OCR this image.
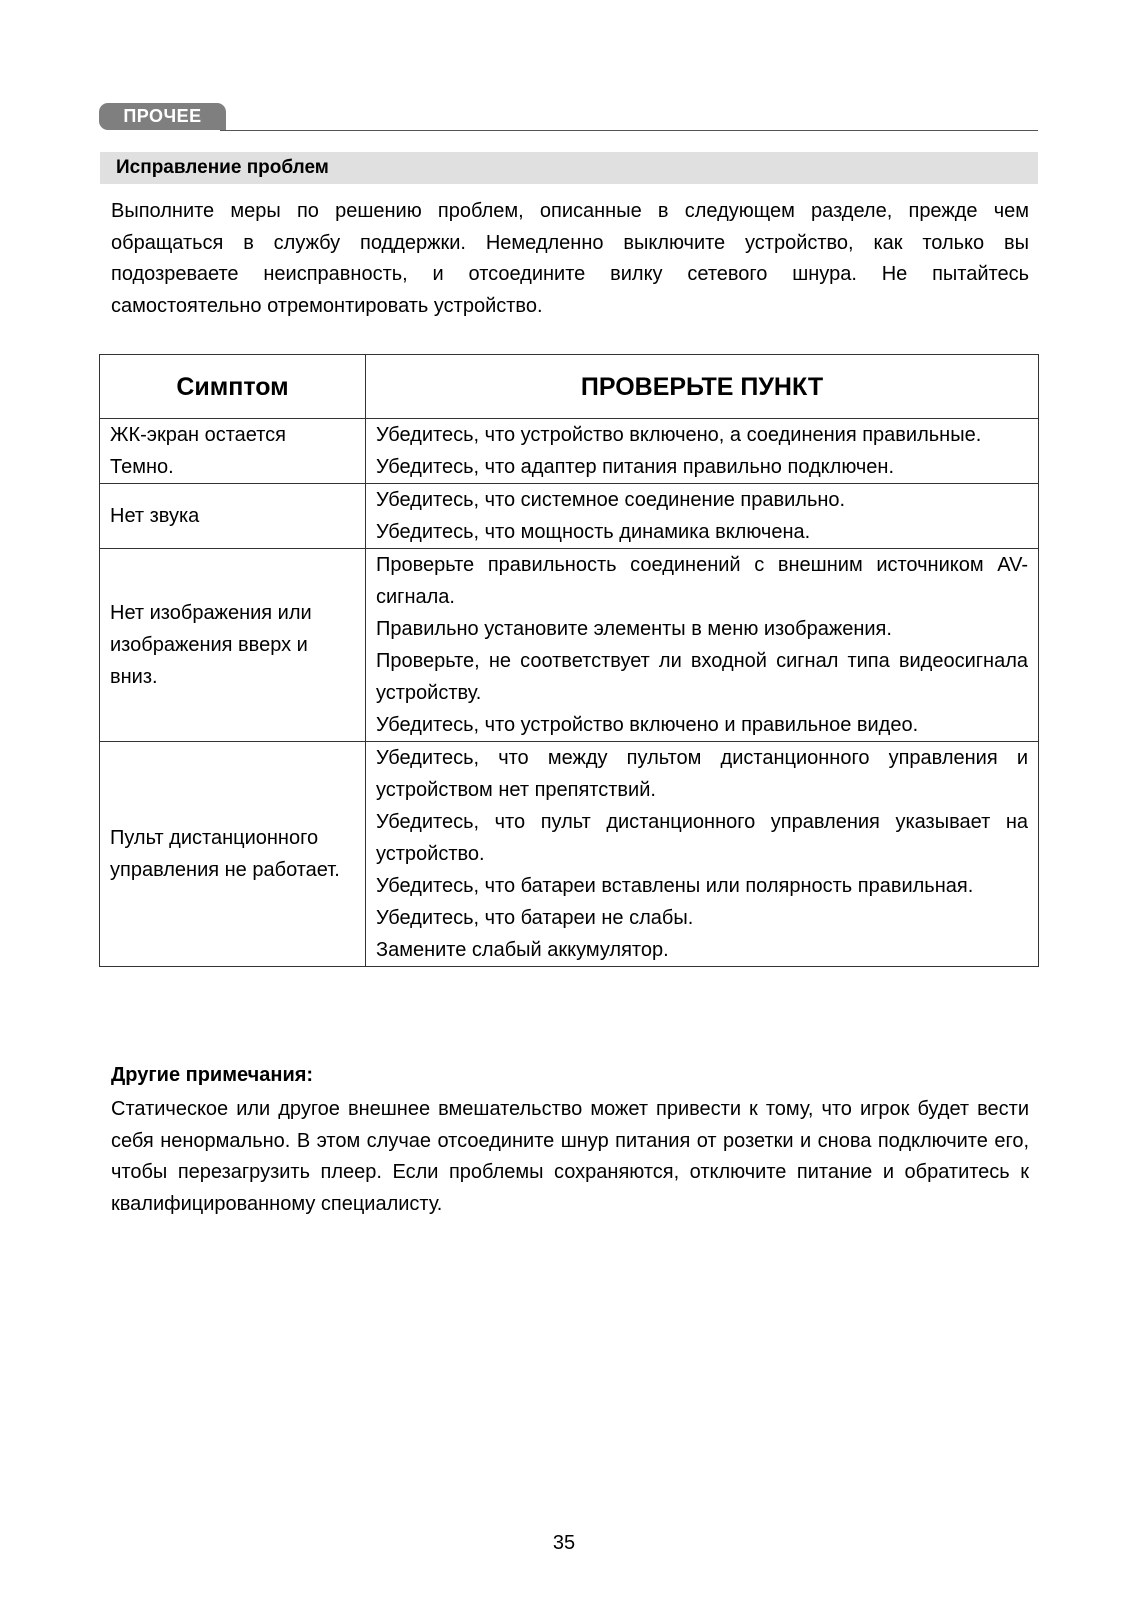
ПРОЧЕЕ
Исправление проблем

Выполните меры по решению проблем, описанные в следующем разделе, прежде чем обращаться в службу поддержки. Немедленно выключите устройство, как только вы подозреваете неисправность, и отсоедините вилку сетевого шнура. Не пытайтесь самостоятельно отремонтировать устройство.

Симптом	ПРОВЕРЬТЕ ПУНКТ
ЖК-экран остается Темно.	Убедитесь, что устройство включено, а соединения правильные.
Убедитесь, что адаптер питания правильно подключен.

Нет звука	Убедитесь, что системное соединение правильно.
Убедитесь, что мощность динамика включена.

Нет изображения или изображения вверх и вниз.	Проверьте правильность соединений с внешним источником AV-сигнала.
Правильно установите элементы в меню изображения.
Проверьте, не соответствует ли входной сигнал типа видеосигнала устройству.
Убедитесь, что устройство включено и правильное видео.

Пульт дистанционного управления не работает.	Убедитесь, что между пультом дистанционного управления и устройством нет препятствий.
Убедитесь, что пульт дистанционного управления указывает на устройство.
Убедитесь, что батареи вставлены или полярность правильная.
Убедитесь, что батареи не слабы.
Замените слабый аккумулятор.
Другие примечания:

Статическое или другое внешнее вмешательство может привести к тому, что игрок будет вести себя ненормально. В этом случае отсоедините шнур питания от розетки и снова подключите его, чтобы перезагрузить плеер. Если проблемы сохраняются, отключите питание и обратитесь к квалифицированному специалисту.

35
